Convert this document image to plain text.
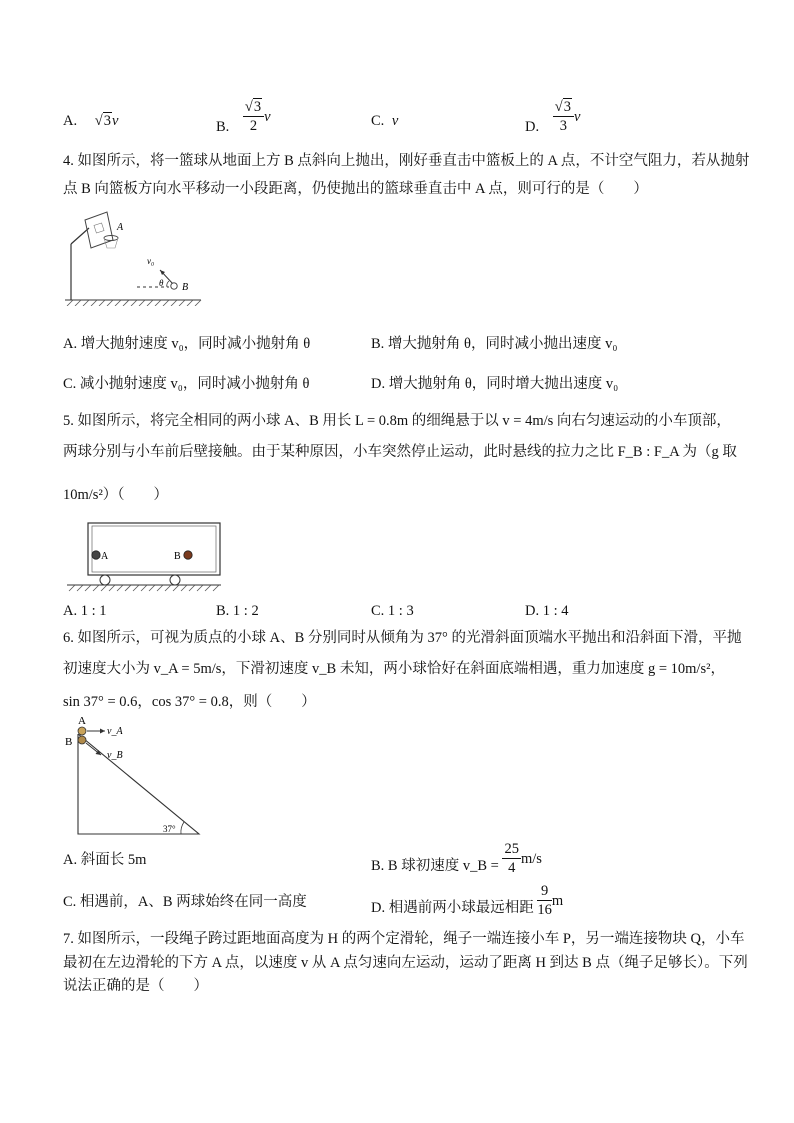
A. √3v	B. $\frac{√3}{2}$ v	C. v	D. $\frac{√3}{3}$ v
4. 如图所示，将一篮球从地面上方 B 点斜向上抛出，刚好垂直击中篮板上的 A 点，不计空气阻力，若从抛射
点 B 向篮板方向水平移动一小段距离，仍使抛出的篮球垂直击中 A 点，则可行的是（　　）
A
v₀
θ B
A. 增大抛射速度 v₀，同时减小抛射角 θ	B. 增大抛射角 θ，同时减小抛出速度 v₀
C. 减小抛射速度 v₀，同时减小抛射角 θ	D. 增大抛射角 θ，同时增大抛出速度 v₀
5. 如图所示，将完全相同的两小球 A、B 用长 L = 0.8m 的细绳悬于以 v = 4m/s 向右匀速运动的小车顶部，
两球分别与小车前后壁接触。由于某种原因，小车突然停止运动，此时悬线的拉力之比 F_B : F_A 为（g 取
10m/s²）（　　）
A	B
A. 1 : 1	B. 1 : 2	C. 1 : 3	D. 1 : 4
6. 如图所示，可视为质点的小球 A、B 分别同时从倾角为 37° 的光滑斜面顶端水平抛出和沿斜面下滑，平抛
初速度大小为 v_A = 5m/s，下滑初速度 v_B 未知，两小球恰好在斜面底端相遇，重力加速度 g = 10m/s²，
sin 37° = 0.6，cos 37° = 0.8，则（　　）
37°
A
B
v_A
v_B
A. 斜面长 5m	B. B 球初速度 v_B = $\frac{25}{4} m/s$
C. 相遇前，A、B 两球始终在同一高度	D. 相遇前两小球最远相距 $\frac{9}{16}$ m
7. 如图所示，一段绳子跨过距地面高度为 H 的两个定滑轮，绳子一端连接小车 P，另一端连接物块 Q，小车
最初在左边滑轮的下方 A 点，以速度 v 从 A 点匀速向左运动，运动了距离 H 到达 B 点（绳子足够长）。下列
说法正确的是（　　）
